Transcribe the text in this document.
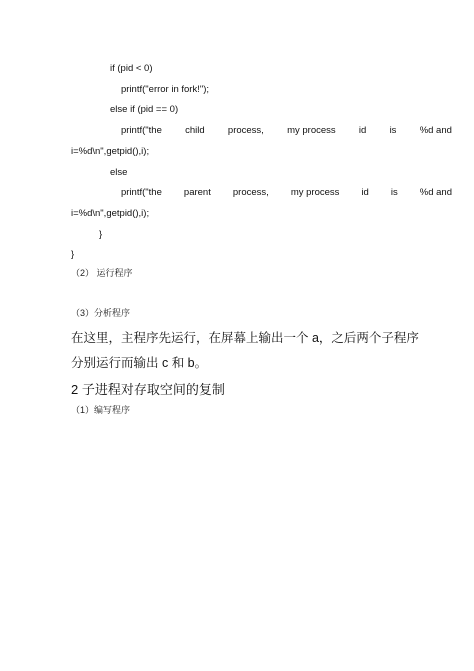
if (pid < 0)
printf("error in fork!");
else if (pid == 0)
printf("the child process, my process id is %d and
i=%d\n",getpid(),i);
else
printf("the parent process, my process id is %d and
i=%d\n",getpid(),i);
}
}
（2） 运行程序
（3）分析程序
在这里，主程序先运行，在屏幕上输出一个 a，之后两个子程序
分别运行而输出 c 和 b。
2 子进程对存取空间的复制
（1）编写程序
